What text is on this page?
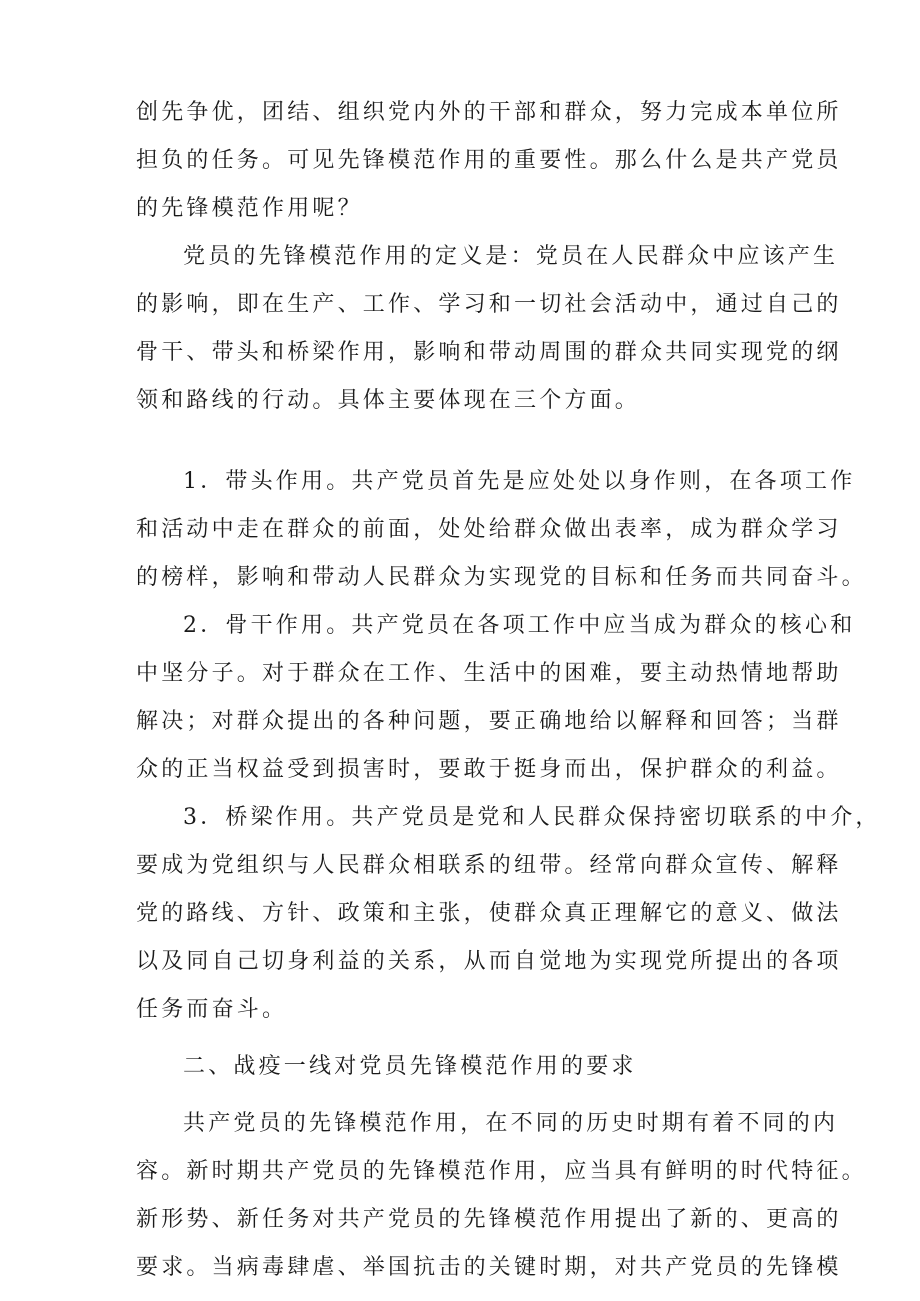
创先争优，团结、组织党内外的干部和群众，努力完成本单位所
担负的任务。可见先锋模范作用的重要性。那么什么是共产党员
的先锋模范作用呢？
党员的先锋模范作用的定义是：党员在人民群众中应该产生
的影响，即在生产、工作、学习和一切社会活动中，通过自己的
骨干、带头和桥梁作用，影响和带动周围的群众共同实现党的纲
领和路线的行动。具体主要体现在三个方面。
1．带头作用。共产党员首先是应处处以身作则，在各项工作
和活动中走在群众的前面，处处给群众做出表率，成为群众学习
的榜样，影响和带动人民群众为实现党的目标和任务而共同奋斗。
2．骨干作用。共产党员在各项工作中应当成为群众的核心和
中坚分子。对于群众在工作、生活中的困难，要主动热情地帮助
解决；对群众提出的各种问题，要正确地给以解释和回答；当群
众的正当权益受到损害时，要敢于挺身而出，保护群众的利益。
3．桥梁作用。共产党员是党和人民群众保持密切联系的中介，
要成为党组织与人民群众相联系的纽带。经常向群众宣传、解释
党的路线、方针、政策和主张，使群众真正理解它的意义、做法
以及同自己切身利益的关系，从而自觉地为实现党所提出的各项
任务而奋斗。
二、战疫一线对党员先锋模范作用的要求
共产党员的先锋模范作用，在不同的历史时期有着不同的内
容。新时期共产党员的先锋模范作用，应当具有鲜明的时代特征。
新形势、新任务对共产党员的先锋模范作用提出了新的、更高的
要求。当病毒肆虐、举国抗击的关键时期，对共产党员的先锋模
